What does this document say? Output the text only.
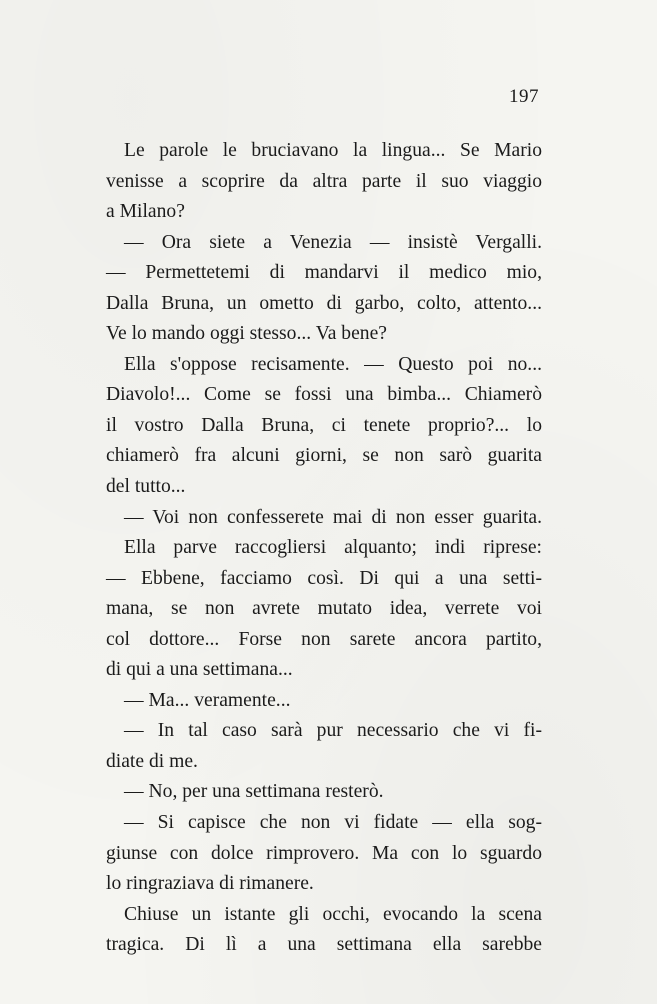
197
Le parole le bruciavano la lingua... Se Mario
venisse a scoprire da altra parte il suo viaggio
a Milano?
— Ora siete a Venezia — insistè Vergalli.
— Permettetemi di mandarvi il medico mio,
Dalla Bruna, un ometto di garbo, colto, attento...
Ve lo mando oggi stesso... Va bene?
Ella s'oppose recisamente. — Questo poi no...
Diavolo!... Come se fossi una bimba... Chiamerò
il vostro Dalla Bruna, ci tenete proprio?... lo
chiamerò fra alcuni giorni, se non sarò guarita
del tutto...
— Voi non confesserete mai di non esser guarita.
Ella parve raccogliersi alquanto; indi riprese:
— Ebbene, facciamo così. Di qui a una setti-
mana, se non avrete mutato idea, verrete voi
col dottore... Forse non sarete ancora partito,
di qui a una settimana...
— Ma... veramente...
— In tal caso sarà pur necessario che vi fi-
diate di me.
— No, per una settimana resterò.
— Si capisce che non vi fidate — ella sog-
giunse con dolce rimprovero. Ma con lo sguardo
lo ringraziava di rimanere.
Chiuse un istante gli occhi, evocando la scena
tragica. Di lì a una settimana ella sarebbe
